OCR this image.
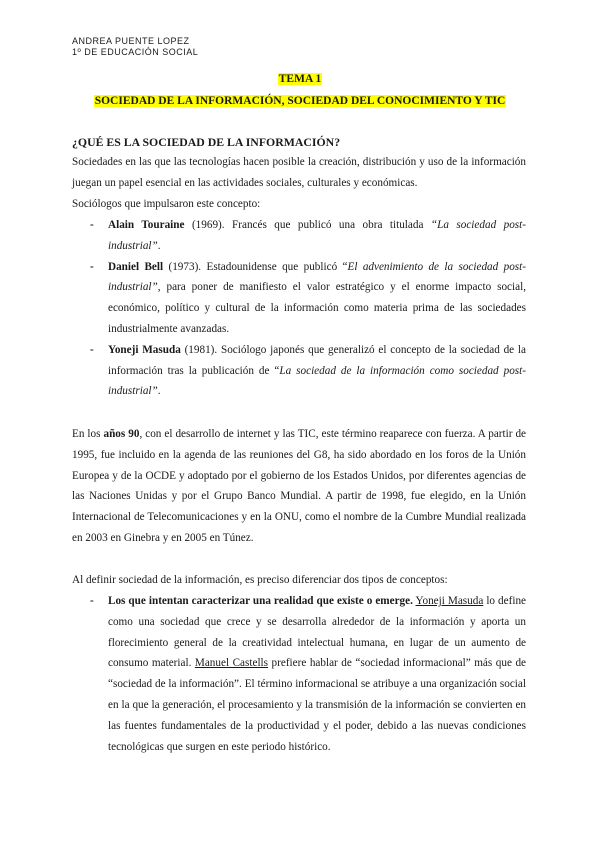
ANDREA PUENTE LOPEZ
1º DE EDUCACIÓN SOCIAL
TEMA 1
SOCIEDAD DE LA INFORMACIÓN, SOCIEDAD DEL CONOCIMIENTO Y TIC
¿QUÉ ES LA SOCIEDAD DE LA INFORMACIÓN?
Sociedades en las que las tecnologías hacen posible la creación, distribución y uso de la información juegan un papel esencial en las actividades sociales, culturales y económicas.
Sociólogos que impulsaron este concepto:
- Alain Touraine (1969). Francés que publicó una obra titulada “La sociedad post-industrial”.
- Daniel Bell (1973). Estadounidense que publicó “El advenimiento de la sociedad post-industrial”, para poner de manifiesto el valor estratégico y el enorme impacto social, económico, político y cultural de la información como materia prima de las sociedades industrialmente avanzadas.
- Yoneji Masuda (1981). Sociólogo japonés que generalizó el concepto de la sociedad de la información tras la publicación de “La sociedad de la información como sociedad post-industrial”.
En los años 90, con el desarrollo de internet y las TIC, este término reaparece con fuerza. A partir de 1995, fue incluido en la agenda de las reuniones del G8, ha sido abordado en los foros de la Unión Europea y de la OCDE y adoptado por el gobierno de los Estados Unidos, por diferentes agencias de las Naciones Unidas y por el Grupo Banco Mundial. A partir de 1998, fue elegido, en la Unión Internacional de Telecomunicaciones y en la ONU, como el nombre de la Cumbre Mundial realizada en 2003 en Ginebra y en 2005 en Túnez.
Al definir sociedad de la información, es preciso diferenciar dos tipos de conceptos:
- Los que intentan caracterizar una realidad que existe o emerge. Yoneji Masuda lo define como una sociedad que crece y se desarrolla alrededor de la información y aporta un florecimiento general de la creatividad intelectual humana, en lugar de un aumento de consumo material. Manuel Castells prefiere hablar de “sociedad informacional” más que de “sociedad de la información”. El término informacional se atribuye a una organización social en la que la generación, el procesamiento y la transmisión de la información se convierten en las fuentes fundamentales de la productividad y el poder, debido a las nuevas condiciones tecnológicas que surgen en este periodo histórico.
